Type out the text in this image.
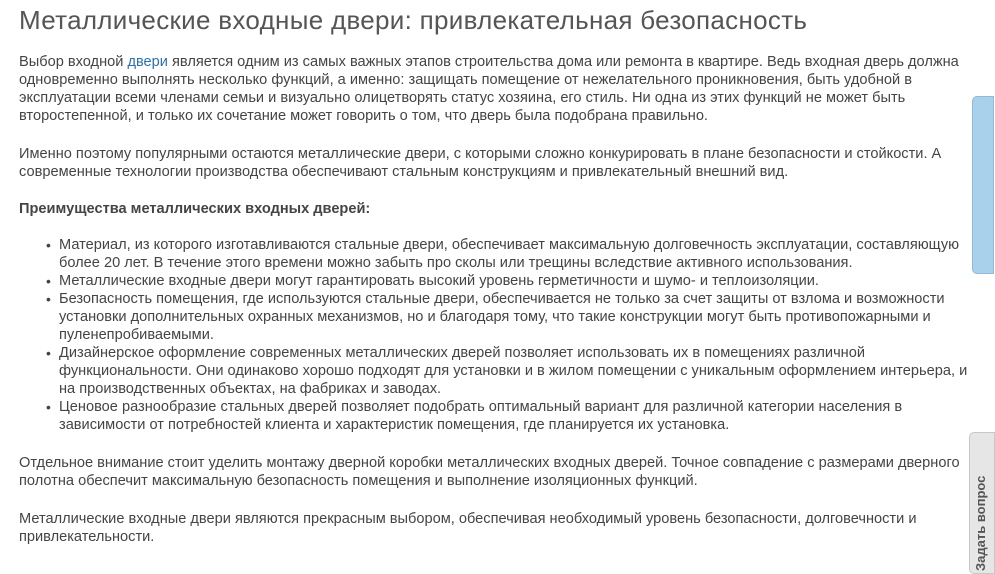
Металлические входные двери: привлекательная безопасность

Выбор входной двери является одним из самых важных этапов строительства дома или ремонта в квартире. Ведь входная дверь должна одновременно выполнять несколько функций, а именно: защищать помещение от нежелательного проникновения, быть удобной в эксплуатации всеми членами семьи и визуально олицетворять статус хозяина, его стиль. Ни одна из этих функций не может быть второстепенной, и только их сочетание может говорить о том, что дверь была подобрана правильно.

Именно поэтому популярными остаются металлические двери, с которыми сложно конкурировать в плане безопасности и стойкости. А современные технологии производства обеспечивают стальным конструкциям и привлекательный внешний вид.

Преимущества металлических входных дверей:

• Материал, из которого изготавливаются стальные двери, обеспечивает максимальную долговечность эксплуатации, составляющую более 20 лет. В течение этого времени можно забыть про сколы или трещины вследствие активного использования.
• Металлические входные двери могут гарантировать высокий уровень герметичности и шумо- и теплоизоляции.
• Безопасность помещения, где используются стальные двери, обеспечивается не только за счет защиты от взлома и возможности установки дополнительных охранных механизмов, но и благодаря тому, что такие конструкции могут быть противопожарными и пуленепробиваемыми.
• Дизайнерское оформление современных металлических дверей позволяет использовать их в помещениях различной функциональности. Они одинаково хорошо подходят для установки и в жилом помещении с уникальным оформлением интерьера, и на производственных объектах, на фабриках и заводах.
• Ценовое разнообразие стальных дверей позволяет подобрать оптимальный вариант для различной категории населения в зависимости от потребностей клиента и характеристик помещения, где планируется их установка.

Отдельное внимание стоит уделить монтажу дверной коробки металлических входных дверей. Точное совпадение с размерами дверного полотна обеспечит максимальную безопасность помещения и выполнение изоляционных функций.

Металлические входные двери являются прекрасным выбором, обеспечивая необходимый уровень безопасности, долговечности и привлекательности.	Задать вопрос
